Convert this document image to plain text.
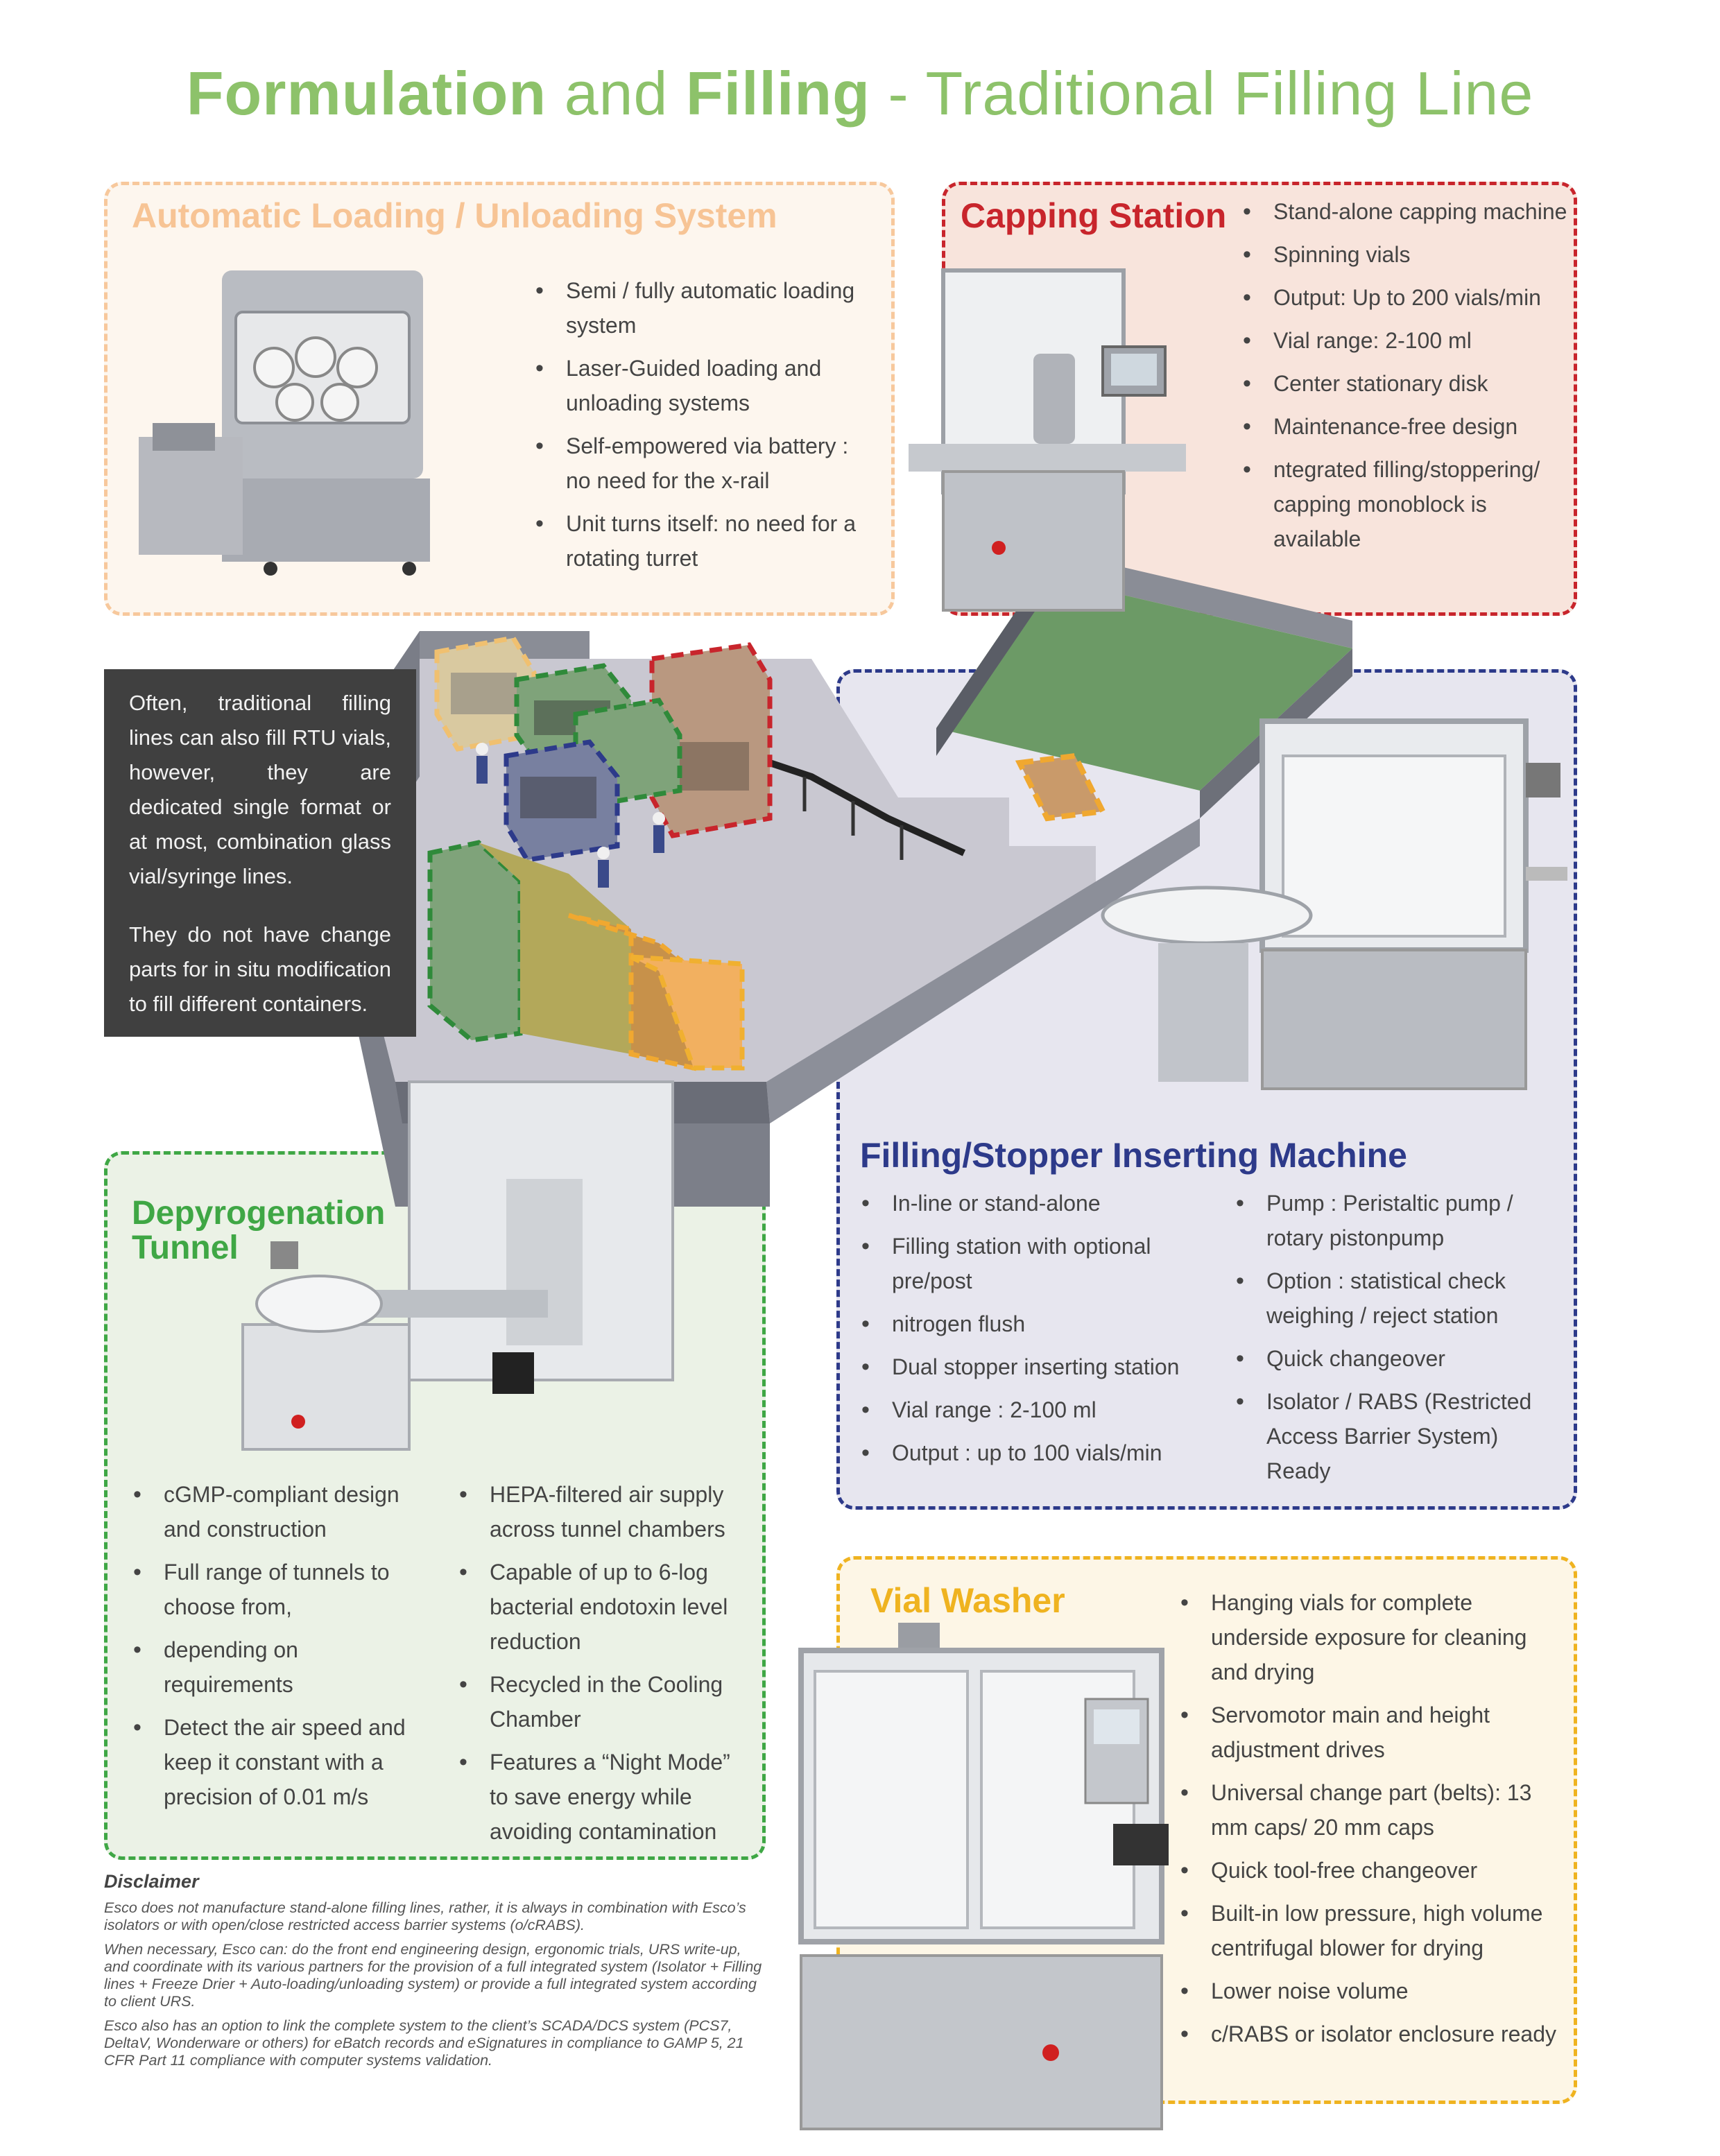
Formulation and Filling - Traditional Filling Line
Automatic Loading / Unloading System
• Semi / fully automatic loading system
• Laser-Guided loading and unloading systems
• Self-empowered via battery : no need for the x-rail
• Unit turns itself: no need for a rotating turret
Capping Station	• Stand-alone capping machine
• Spinning vials
• Output: Up to 200 vials/min
• Vial range: 2-100 ml
• Center stationary disk
• Maintenance-free design
• ntegrated filling/stoppering/ capping monoblock is available

Often, traditional filling lines can also fill RTU vials, however, they are dedicated single format or at most, combination glass vial/syringe lines.

They do not have change parts for in situ modification to fill different containers.

Filling/Stopper Inserting Machine
• In-line or stand-alone
• Filling station with optional pre/post
• nitrogen flush
• Dual stopper inserting station
• Vial range : 2-100 ml
• Output : up to 100 vials/min
• Pump : Peristaltic pump / rotary pistonpump
• Option : statistical check weighing / reject station
• Quick changeover
• Isolator / RABS (Restricted Access Barrier System) Ready
Depyrogenation
Tunnel
• cGMP-compliant design and construction
• Full range of tunnels to choose from,
• depending on requirements
• Detect the air speed and keep it constant with a precision of 0.01 m/s
• HEPA-filtered air supply across tunnel chambers
• Capable of up to 6-log bacterial endotoxin level reduction
• Recycled in the Cooling Chamber
• Features a “Night Mode” to save energy while avoiding contamination
Vial Washer	• Hanging vials for complete underside exposure for cleaning and drying
• Servomotor main and height adjustment drives
• Universal change part (belts): 13 mm caps/ 20 mm caps
• Quick tool-free changeover
• Built-in low pressure, high volume centrifugal blower for drying
• Lower noise volume
• c/RABS or isolator enclosure ready
Disclaimer

Esco does not manufacture stand-alone filling lines, rather, it is always in combination with Esco’s isolators or with open/close restricted access barrier systems (o/cRABS).

When necessary, Esco can: do the front end engineering design, ergonomic trials, URS write-up, and coordinate with its various partners for the provision of a full integrated system (Isolator + Filling lines + Freeze Drier + Auto-loading/unloading system) or provide a full integrated system according to client URS.

Esco also has an option to link the complete system to the client’s SCADA/DCS system (PCS7, DeltaV, Wonderware or others) for eBatch records and eSignatures in compliance to GAMP 5, 21 CFR Part 11 compliance with computer systems validation.
